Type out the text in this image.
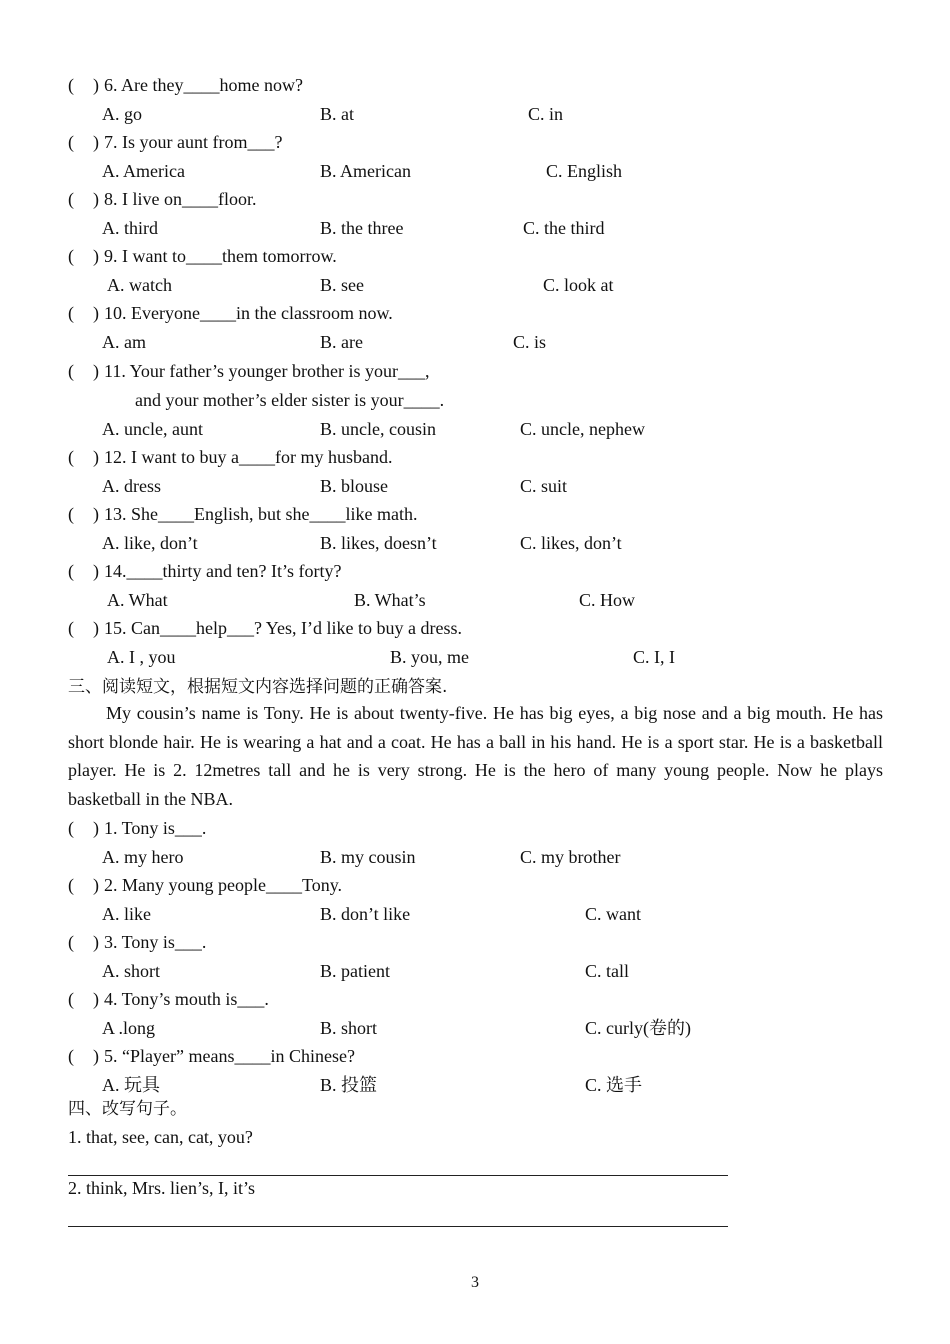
( ) 6. Are they____home now?
A. go	B. at	C. in
( ) 7. Is your aunt from___?
A. America	B. American	C. English
( ) 8. I live on____floor.
A. third	B. the three	C. the third
( ) 9. I want to____them tomorrow.
A. watch	B. see	C. look at
( ) 10. Everyone____in the classroom now.
A. am	B. are	C. is
( ) 11. Your father’s younger brother is your___,
and your mother’s elder sister is your____.
A. uncle, aunt	B. uncle, cousin	C. uncle, nephew
( ) 12. I want to buy a____for my husband.
A. dress	B. blouse	C. suit
( ) 13. She____English, but she____like math.
A. like, don’t	B. likes, doesn’t	C. likes, don’t
( ) 14.____thirty and ten? It’s forty?
A. What	B. What’s	C. How
( ) 15. Can____help___? Yes, I’d like to buy a dress.
A. I , you	B. you, me	C. I, I
三、阅读短文，根据短文内容选择问题的正确答案.
My cousin’s name is Tony. He is about twenty-five. He has big eyes, a big nose and a big mouth. He has short blonde hair. He is wearing a hat and a coat. He has a ball in his hand. He is a sport star. He is a basketball player. He is 2. 12metres tall and he is very strong. He is the hero of many young people. Now he plays basketball in the NBA.
( ) 1. Tony is___.
A. my hero	B. my cousin	C. my brother
( ) 2. Many young people____Tony.
A. like	B. don’t like	C. want
( ) 3. Tony is___.
A. short	B. patient	C. tall
( ) 4. Tony’s mouth is___.
A .long	B. short	C. curly(卷的)
( ) 5. “Player” means____in Chinese?
A. 玩具	B. 投篮	C. 选手
四、改写句子。
1. that, see, can, cat, you?
2. think, Mrs. lien’s, I, it’s
3
